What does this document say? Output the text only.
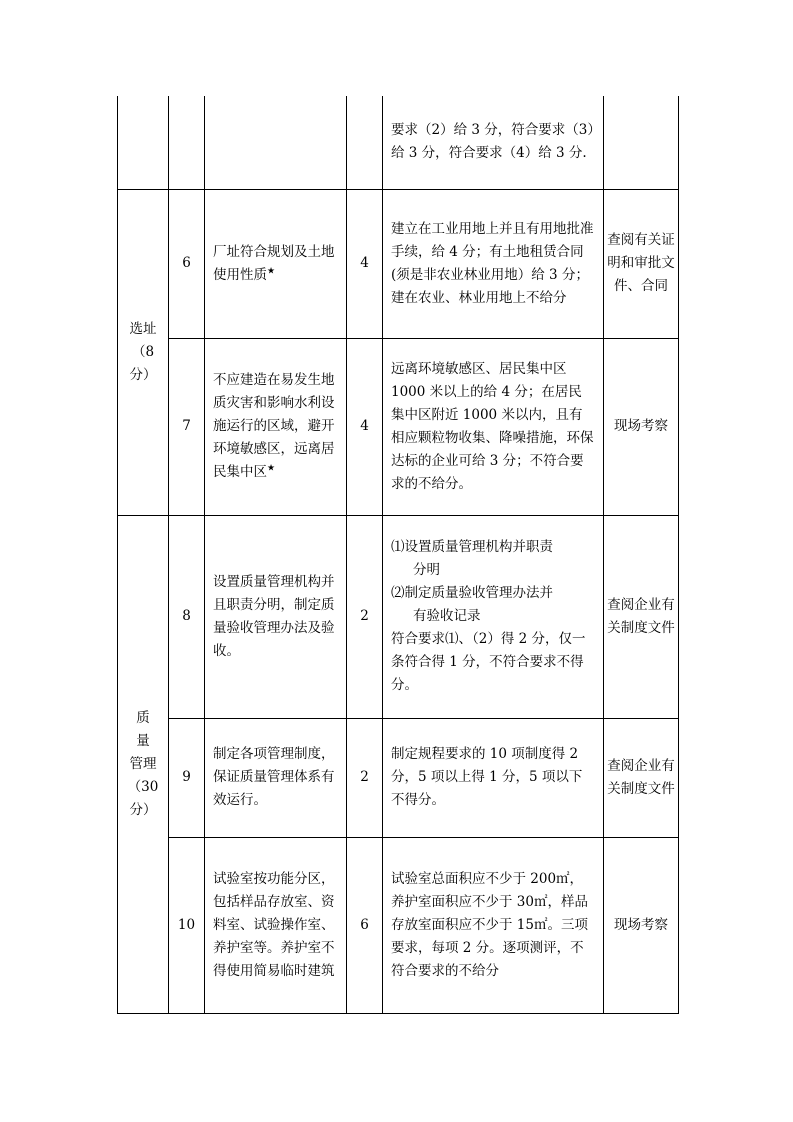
				要求（2）给 3 分，符合要求（3）给 3 分，符合要求（4）给 3 分.	

选址
（8
分）	6	厂址符合规划及土地使用性质★	4	建立在工业用地上并且有用地批准手续，给 4 分；有土地租赁合同(须是非农业林业用地）给 3 分；建在农业、林业用地上不给分	查阅有关证明和审批文件、合同
	7	不应建造在易发生地质灾害和影响水利设施运行的区域，避开环境敏感区，远离居民集中区★	4	远离环境敏感区、居民集中区 1000 米以上的给 4 分；在居民集中区附近 1000 米以内，且有相应颗粒物收集、降噪措施，环保达标的企业可给 3 分；不符合要求的不给分。	现场考察

质
量
管理
（30
分）	8	设置质量管理机构并且职责分明，制定质量验收管理办法及验收。	2	⑴设置质量管理机构并职责
分明
⑵制定质量验收管理办法并
有验收记录
符合要求⑴、（2）得 2 分，仅一条符合得 1 分，不符合要求不得分。	查阅企业有关制度文件
	9	制定各项管理制度，保证质量管理体系有效运行。	2	制定规程要求的 10 项制度得 2 分，5 项以上得 1 分，5 项以下不得分。	查阅企业有关制度文件
	10	试验室按功能分区，包括样品存放室、资料室、试验操作室、养护室等。养护室不得使用简易临时建筑	6	试验室总面积应不少于 200㎡，养护室面积应不少于 30㎡，样品存放室面积应不少于 15㎡。三项要求，每项 2 分。逐项测评，不符合要求的不给分	现场考察
